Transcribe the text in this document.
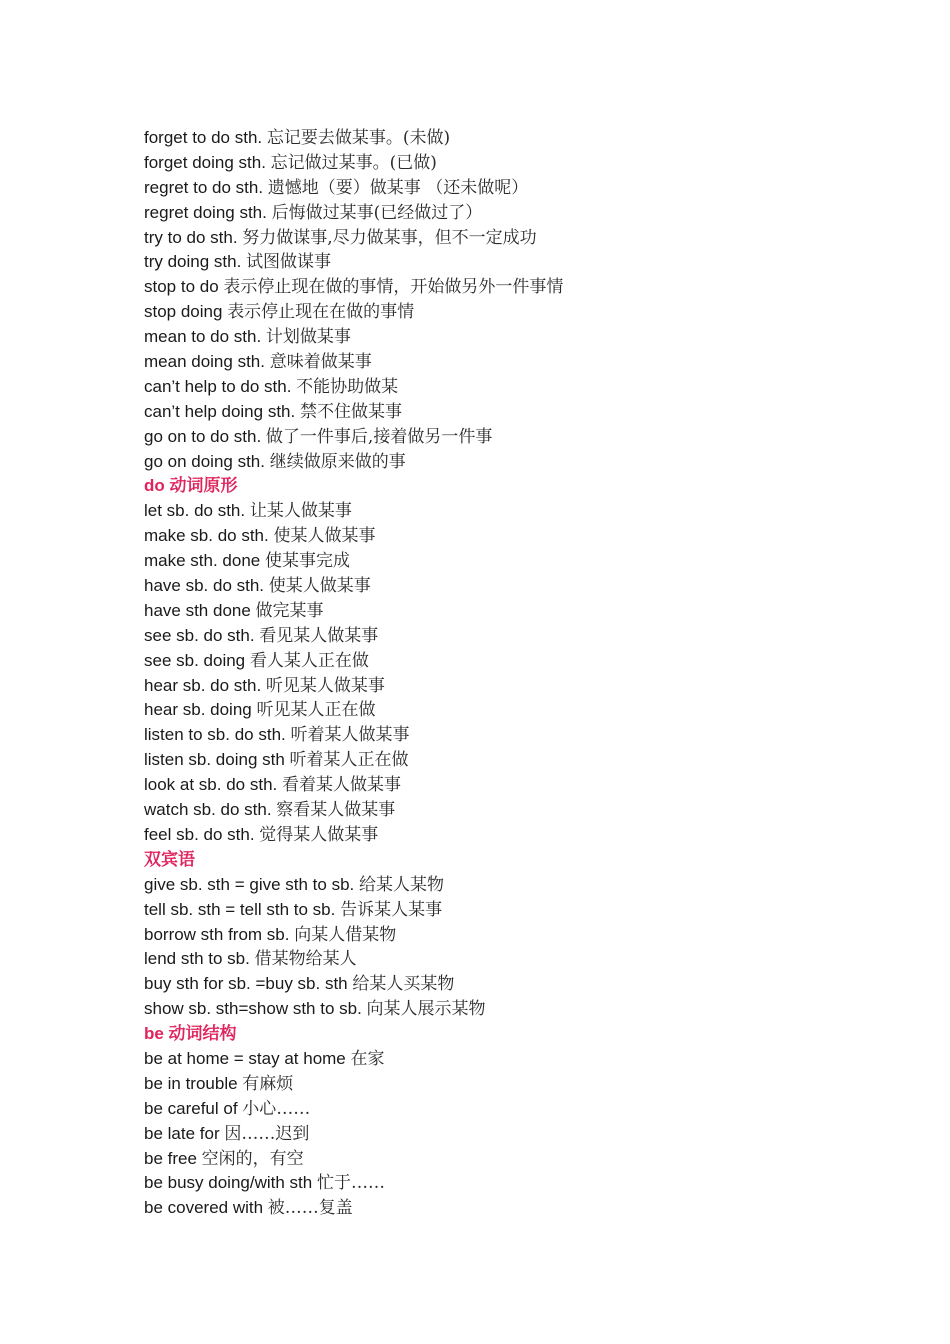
forget to do sth. 忘记要去做某事。(未做)
forget doing sth. 忘记做过某事。(已做)
regret to do sth. 遗憾地（要）做某事 （还未做呢）
regret doing sth. 后悔做过某事(已经做过了）
try to do sth. 努力做谋事,尽力做某事，但不一定成功
try doing sth. 试图做谋事
stop to do 表示停止现在做的事情，开始做另外一件事情
stop doing 表示停止现在在做的事情
mean to do sth. 计划做某事
mean doing sth. 意味着做某事
can’t help to do sth. 不能协助做某
can’t help doing sth. 禁不住做某事
go on to do sth. 做了一件事后,接着做另一件事
go on doing sth. 继续做原来做的事
do 动词原形
let sb. do sth. 让某人做某事
make sb. do sth. 使某人做某事
make sth. done 使某事完成
have sb. do sth. 使某人做某事
have sth done 做完某事
see sb. do sth. 看见某人做某事
see sb. doing 看人某人正在做
hear sb. do sth. 听见某人做某事
hear sb. doing 听见某人正在做
listen to sb. do sth. 听着某人做某事
listen sb. doing sth 听着某人正在做
look at sb. do sth. 看着某人做某事
watch sb. do sth. 察看某人做某事
feel sb. do sth. 觉得某人做某事
双宾语
give sb. sth = give sth to sb. 给某人某物
tell sb. sth = tell sth to sb. 告诉某人某事
borrow sth from sb. 向某人借某物
lend sth to sb. 借某物给某人
buy sth for sb. =buy sb. sth 给某人买某物
show sb. sth=show sth to sb. 向某人展示某物
be 动词结构
be at home = stay at home 在家
be in trouble 有麻烦
be careful of 小心……
be late for 因……迟到
be free 空闲的，有空
be busy doing/with sth 忙于……
be covered with 被……复盖
